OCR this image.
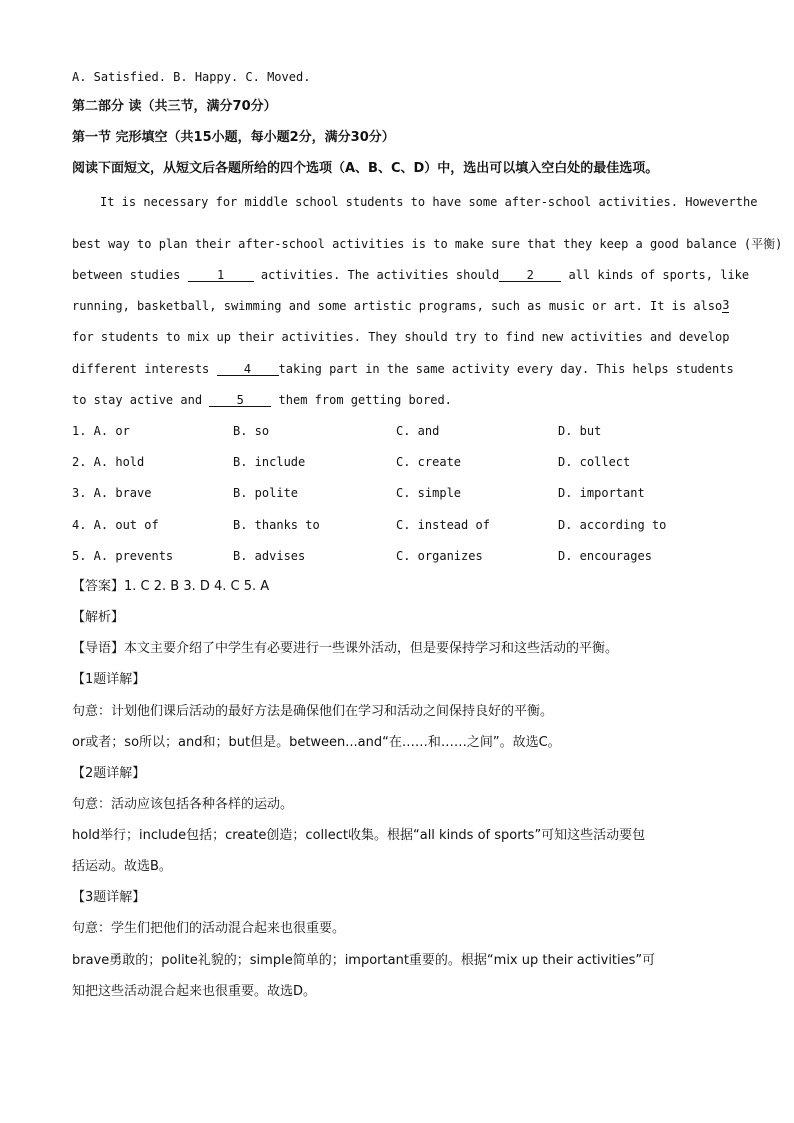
A. Satisfied. B. Happy. C. Moved.
第二部分 读（共三节，满分70分）
第一节 完形填空（共15小题，每小题2分，满分30分）
阅读下面短文，从短文后各题所给的四个选项（A、B、C、D）中，选出可以填入空白处的最佳选项。
It is necessary for middle school students to have some after-school activities. However the
best way to plan their after-school activities is to make sure that they keep a good balance (平衡)
between studies	1	activities. The activities should	2	all kinds of sports, like
running, basketball, swimming and some artistic programs, such as music or art. It is also 3
for students to mix up their activities. They should try to find new activities and develop
different interests	4	taking part in the same activity every day. This helps students
to stay active and	5	them from getting bored.
1. A. or	B. so	C. and	D. but
2. A. hold	B. include	C. create	D. collect
3. A. brave	B. polite	C. simple	D. important
4. A. out of	B. thanks to	C. instead of	D. according to
5. A. prevents	B. advises	C. organizes	D. encourages
【答案】1. C 2. B 3. D 4. C 5. A
【解析】
【导语】本文主要介绍了中学生有必要进行一些课外活动，但是要保持学习和这些活动的平衡。
【1题详解】
句意：计划他们课后活动的最好方法是确保他们在学习和活动之间保持良好的平衡。
or或者；so所以；and和；but但是。between...and“在……和……之间”。故选C。
【2题详解】
句意：活动应该包括各种各样的运动。
hold举行；include包括；create创造；collect收集。根据“all kinds of sports”可知这些活动要包
括运动。故选B。
【3题详解】
句意：学生们把他们的活动混合起来也很重要。
brave勇敢的；polite礼貌的；simple简单的；important重要的。根据“mix up their activities”可
知把这些活动混合起来也很重要。故选D。
